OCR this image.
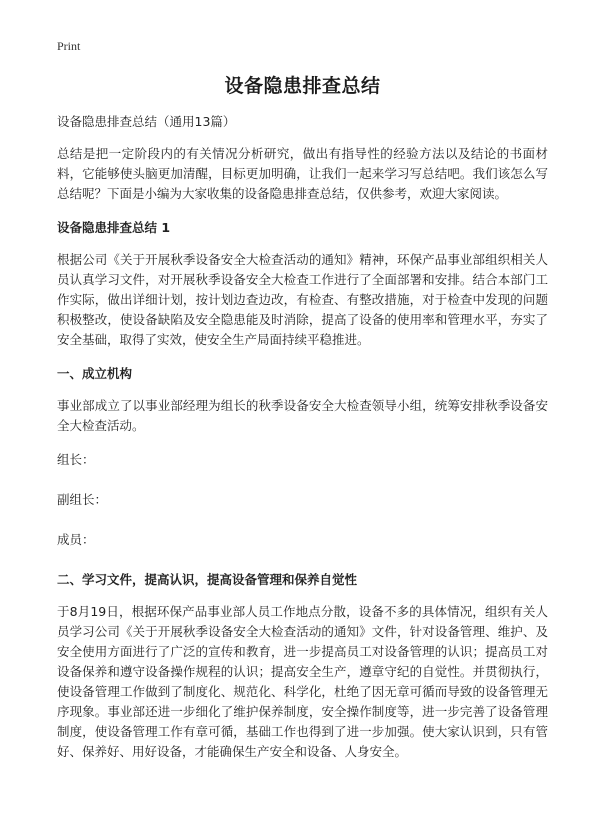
Print
设备隐患排查总结

设备隐患排查总结（通用13篇）

总结是把一定阶段内的有关情况分析研究，做出有指导性的经验方法以及结论的书面材料，它能够使头脑更加清醒，目标更加明确，让我们一起来学习写总结吧。我们该怎么写总结呢？下面是小编为大家收集的设备隐患排查总结，仅供参考，欢迎大家阅读。

设备隐患排查总结 1

根据公司《关于开展秋季设备安全大检查活动的通知》精神，环保产品事业部组织相关人员认真学习文件，对开展秋季设备安全大检查工作进行了全面部署和安排。结合本部门工作实际，做出详细计划，按计划边查边改，有检查、有整改措施，对于检查中发现的问题积极整改，使设备缺陷及安全隐患能及时消除，提高了设备的使用率和管理水平，夯实了安全基础，取得了实效，使安全生产局面持续平稳推进。

一、成立机构

事业部成立了以事业部经理为组长的秋季设备安全大检查领导小组，统筹安排秋季设备安全大检查活动。

组长：

副组长：

成员：

二、学习文件，提高认识，提高设备管理和保养自觉性

于8月19日，根据环保产品事业部人员工作地点分散，设备不多的具体情况，组织有关人员学习公司《关于开展秋季设备安全大检查活动的通知》文件，针对设备管理、维护、及安全使用方面进行了广泛的宣传和教育，进一步提高员工对设备管理的认识；提高员工对设备保养和遵守设备操作规程的认识；提高安全生产，遵章守纪的自觉性。并贯彻执行，使设备管理工作做到了制度化、规范化、科学化，杜绝了因无章可循而导致的设备管理无序现象。事业部还进一步细化了维护保养制度，安全操作制度等，进一步完善了设备管理制度，使设备管理工作有章可循，基础工作也得到了进一步加强。使大家认识到，只有管好、保养好、用好设备，才能确保生产安全和设备、人身安全。
